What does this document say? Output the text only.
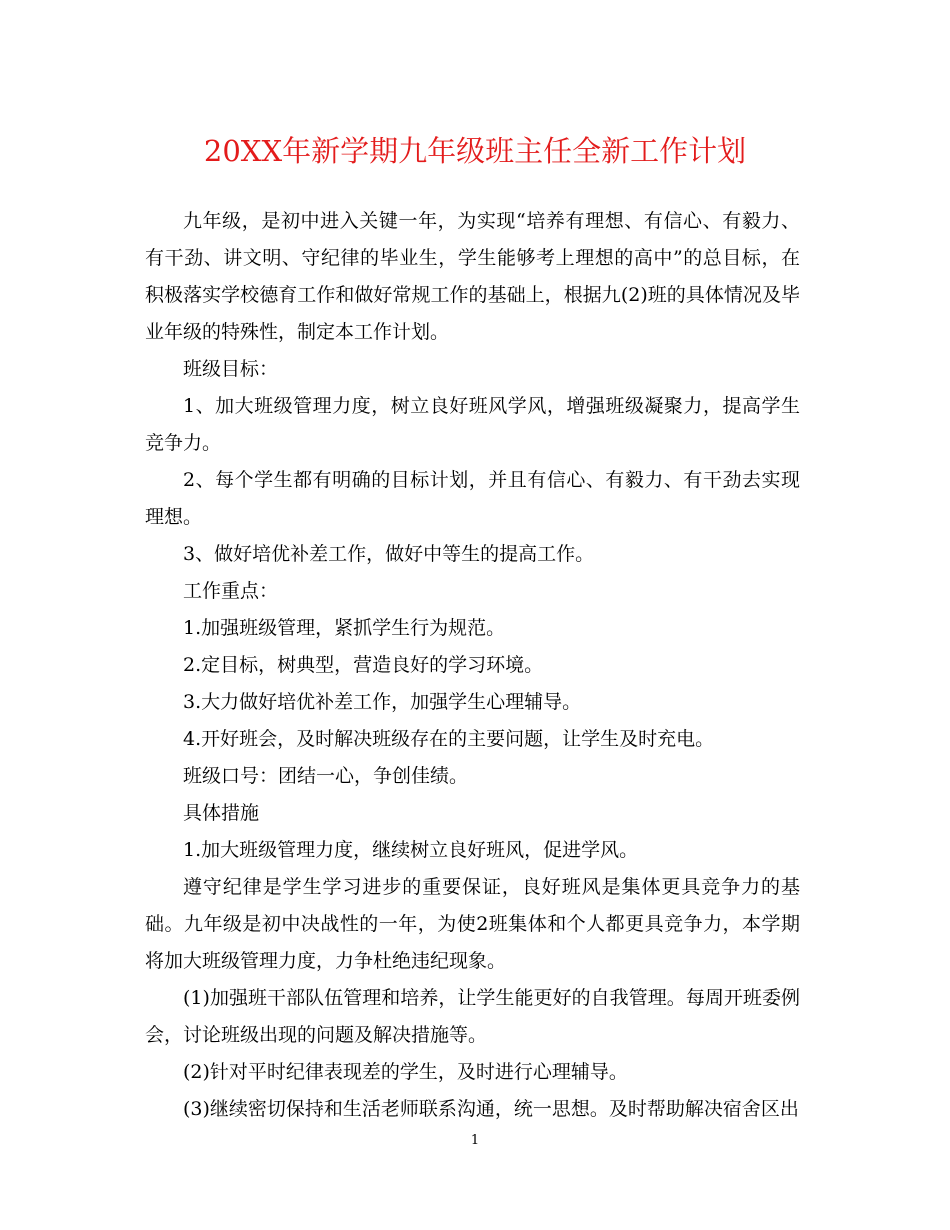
20XX年新学期九年级班主任全新工作计划

九年级，是初中进入关键一年，为实现“培养有理想、有信心、有毅力、有干劲、讲文明、守纪律的毕业生，学生能够考上理想的高中”的总目标，在积极落实学校德育工作和做好常规工作的基础上，根据九(2)班的具体情况及毕业年级的特殊性，制定本工作计划。

班级目标：

1、加大班级管理力度，树立良好班风学风，增强班级凝聚力，提高学生竞争力。

2、每个学生都有明确的目标计划，并且有信心、有毅力、有干劲去实现理想。

3、做好培优补差工作，做好中等生的提高工作。

工作重点：

1.加强班级管理，紧抓学生行为规范。

2.定目标，树典型，营造良好的学习环境。

3.大力做好培优补差工作，加强学生心理辅导。

4.开好班会，及时解决班级存在的主要问题，让学生及时充电。

班级口号：团结一心，争创佳绩。

具体措施

1.加大班级管理力度，继续树立良好班风，促进学风。

遵守纪律是学生学习进步的重要保证，良好班风是集体更具竞争力的基础。九年级是初中决战性的一年，为使2班集体和个人都更具竞争力，本学期将加大班级管理力度，力争杜绝违纪现象。

(1)加强班干部队伍管理和培养，让学生能更好的自我管理。每周开班委例会，讨论班级出现的问题及解决措施等。

(2)针对平时纪律表现差的学生，及时进行心理辅导。

(3)继续密切保持和生活老师联系沟通，统一思想。及时帮助解决宿舍区出

1
